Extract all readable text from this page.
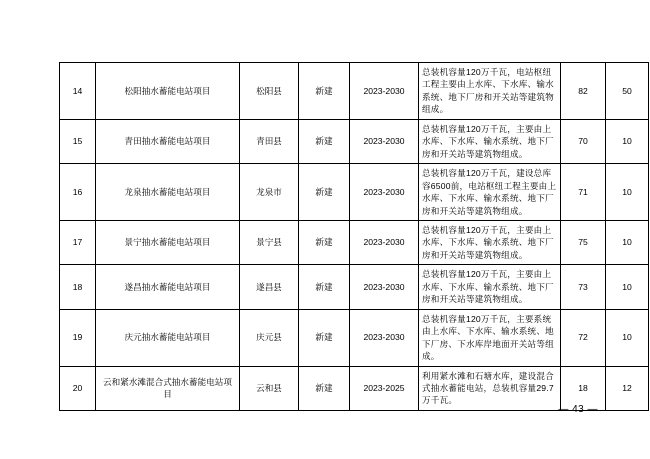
14	松阳抽水蓄能电站项目	松阳县	新建	2023-2030	总装机容量120万千瓦，电站枢纽工程主要由上水库、下水库、输水系统、地下厂房和开关站等建筑物组成。	82	50
15	青田抽水蓄能电站项目	青田县	新建	2023-2030	总装机容量120万千瓦，主要由上水库、下水库、输水系统、地下厂房和开关站等建筑物组成。	70	10
16	龙泉抽水蓄能电站项目	龙泉市	新建	2023-2030	总装机容量120万千瓦，建设总库容6500前，电站枢纽工程主要由上水库、下水库、输水系统、地下厂房和开关站等建筑物组成。	71	10
17	景宁抽水蓄能电站项目	景宁县	新建	2023-2030	总装机容量120万千瓦，主要由上水库、下水库、输水系统、地下厂房和开关站等建筑物组成。	75	10
18	遂昌抽水蓄能电站项目	遂昌县	新建	2023-2030	总装机容量120万千瓦，主要由上水库、下水库、输水系统、地下厂房和开关站等建筑物组成。	73	10
19	庆元抽水蓄能电站项目	庆元县	新建	2023-2030	总装机容量120万千瓦，主要系统由上水库、下水库、输水系统、地下厂房、下水库岸地面开关站等组成。	72	10
20	云和紧水滩混合式抽水蓄能电站项目	云和县	新建	2023-2025	利用紧水滩和石塘水库，建设混合式抽水蓄能电站，总装机容量29.7万千瓦。	18	12
— 43 —
